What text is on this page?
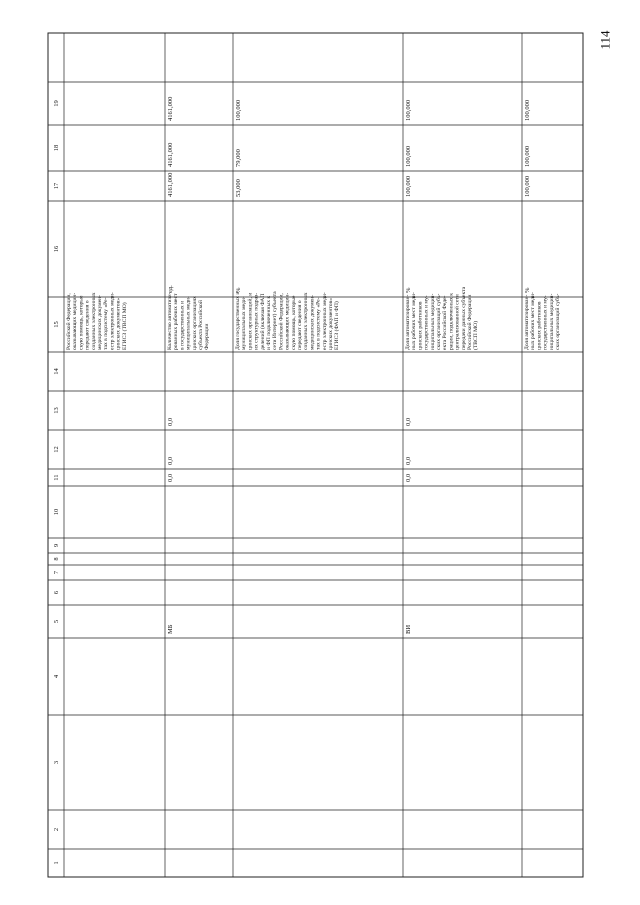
114
1
2
3
4
5
6
7
8
9
10
11
12
13
14
15
16
17
18
19
Российской Федерации, оказывающих медицин- скую помощь, которые передают сведения о созданных электронных медицинских докумен- тах в подсистему «Ре- естр электронных меди- цинских документов» ЕГИСЗ (ТВСП МО)
МБ
0,0
0,0
0,0
ед.
4161,000
4161,000
4161,000
Количество автоматизи- рованных рабочих мест в государственных и муниципальных меди- цинских организациях субъекта Российской Федерации
%
53,000
79,000
100,000
Доля государственных и муниципальных меди- цинских организаций, и их структурных подраз- делений (включая ФАП и ФП подключенных к сети Интернет) субъекта Российской Федерации, оказывающих медицин- скую помощь, которые передают сведения о созданных электронных медицинских докумен- тах в подсистему «Ре- естр электронных меди- цинских документов» ЕГИСЗ (ФАП и ФП)
ВИ
0,0
0,0
0,0
%
100,000
100,000
100,000
Доля автоматизирован- ных рабочих мест меди- цинских работников государственных и му- ниципальных медицин- ских организаций субъ- екта Российской Феде- рации, подключенных к централизованной сети передачи данных субъекта Российской Федерации (ТВСП МО)
%
100,000
100,000
100,000
Доля автоматизирован- ных рабочих мест меди- цинских работников государственных и му- ниципальных медицин- ских организаций субъ-
